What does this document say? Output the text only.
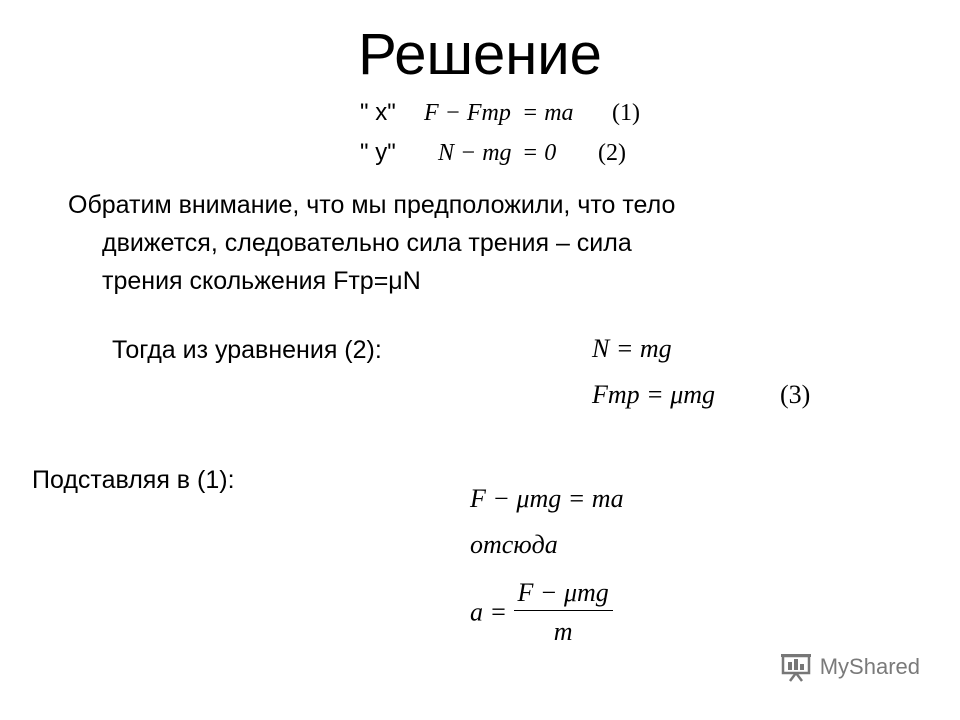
Решение
" x" F − Fmp = ma (1)
" y" N − mg = 0 (2)
Обратим внимание, что мы предположили, что тело
движется, следовательно сила трения – сила
трения скольжения Fтр=μN
Тогда из уравнения (2):	N = mg
Fmp = μmg (3)
Подставляя в (1):
F − μmg = ma
отсюда
$a = \frac{\text{F − μmg}}{m}$
MyShared
